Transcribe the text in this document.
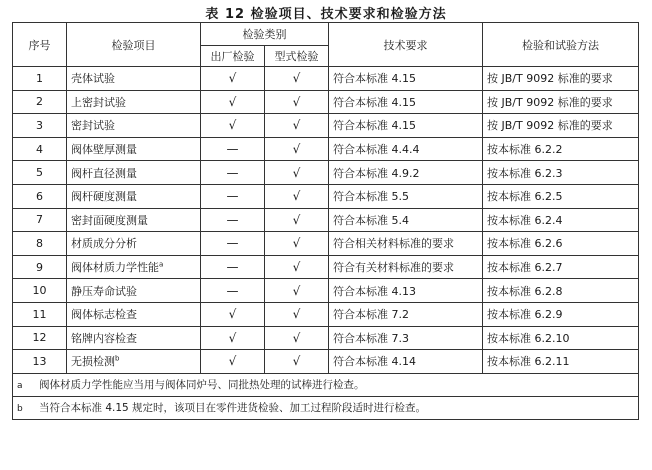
表 12 检验项目、技术要求和检验方法
序号	检验项目	检验类别		技术要求	检验和试验方法
		出厂检验	型式检验		
1	壳体试验	√	√	符合本标准 4.15	按 JB/T 9092 标准的要求
2	上密封试验	√	√	符合本标准 4.15	按 JB/T 9092 标准的要求
3	密封试验	√	√	符合本标准 4.15	按 JB/T 9092 标准的要求
4	阀体壁厚测量	—	√	符合本标准 4.4.4	按本标准 6.2.2
5	阀杆直径测量	—	√	符合本标准 4.9.2	按本标准 6.2.3
6	阀杆硬度测量	—	√	符合本标准 5.5	按本标准 6.2.5
7	密封面硬度测量	—	√	符合本标准 5.4	按本标准 6.2.4
8	材质成分分析	—	√	符合相关材料标准的要求	按本标准 6.2.6
9	阀体材质力学性能$^a$	—	√	符合有关材料标准的要求	按本标准 6.2.7
10	静压寿命试验	—	√	符合本标准 4.13	按本标准 6.2.8
11	阀体标志检查	√	√	符合本标准 7.2	按本标准 6.2.9
12	铭牌内容检查	√	√	符合本标准 7.3	按本标准 6.2.10
13	无损检测$^b$	√	√	符合本标准 4.14	按本标准 6.2.11
a 阀体材质力学性能应当用与阀体同炉号、同批热处理的试棒进行检查。					
b 当符合本标准 4.15 规定时，该项目在零件进货检验、加工过程阶段适时进行检查。					
